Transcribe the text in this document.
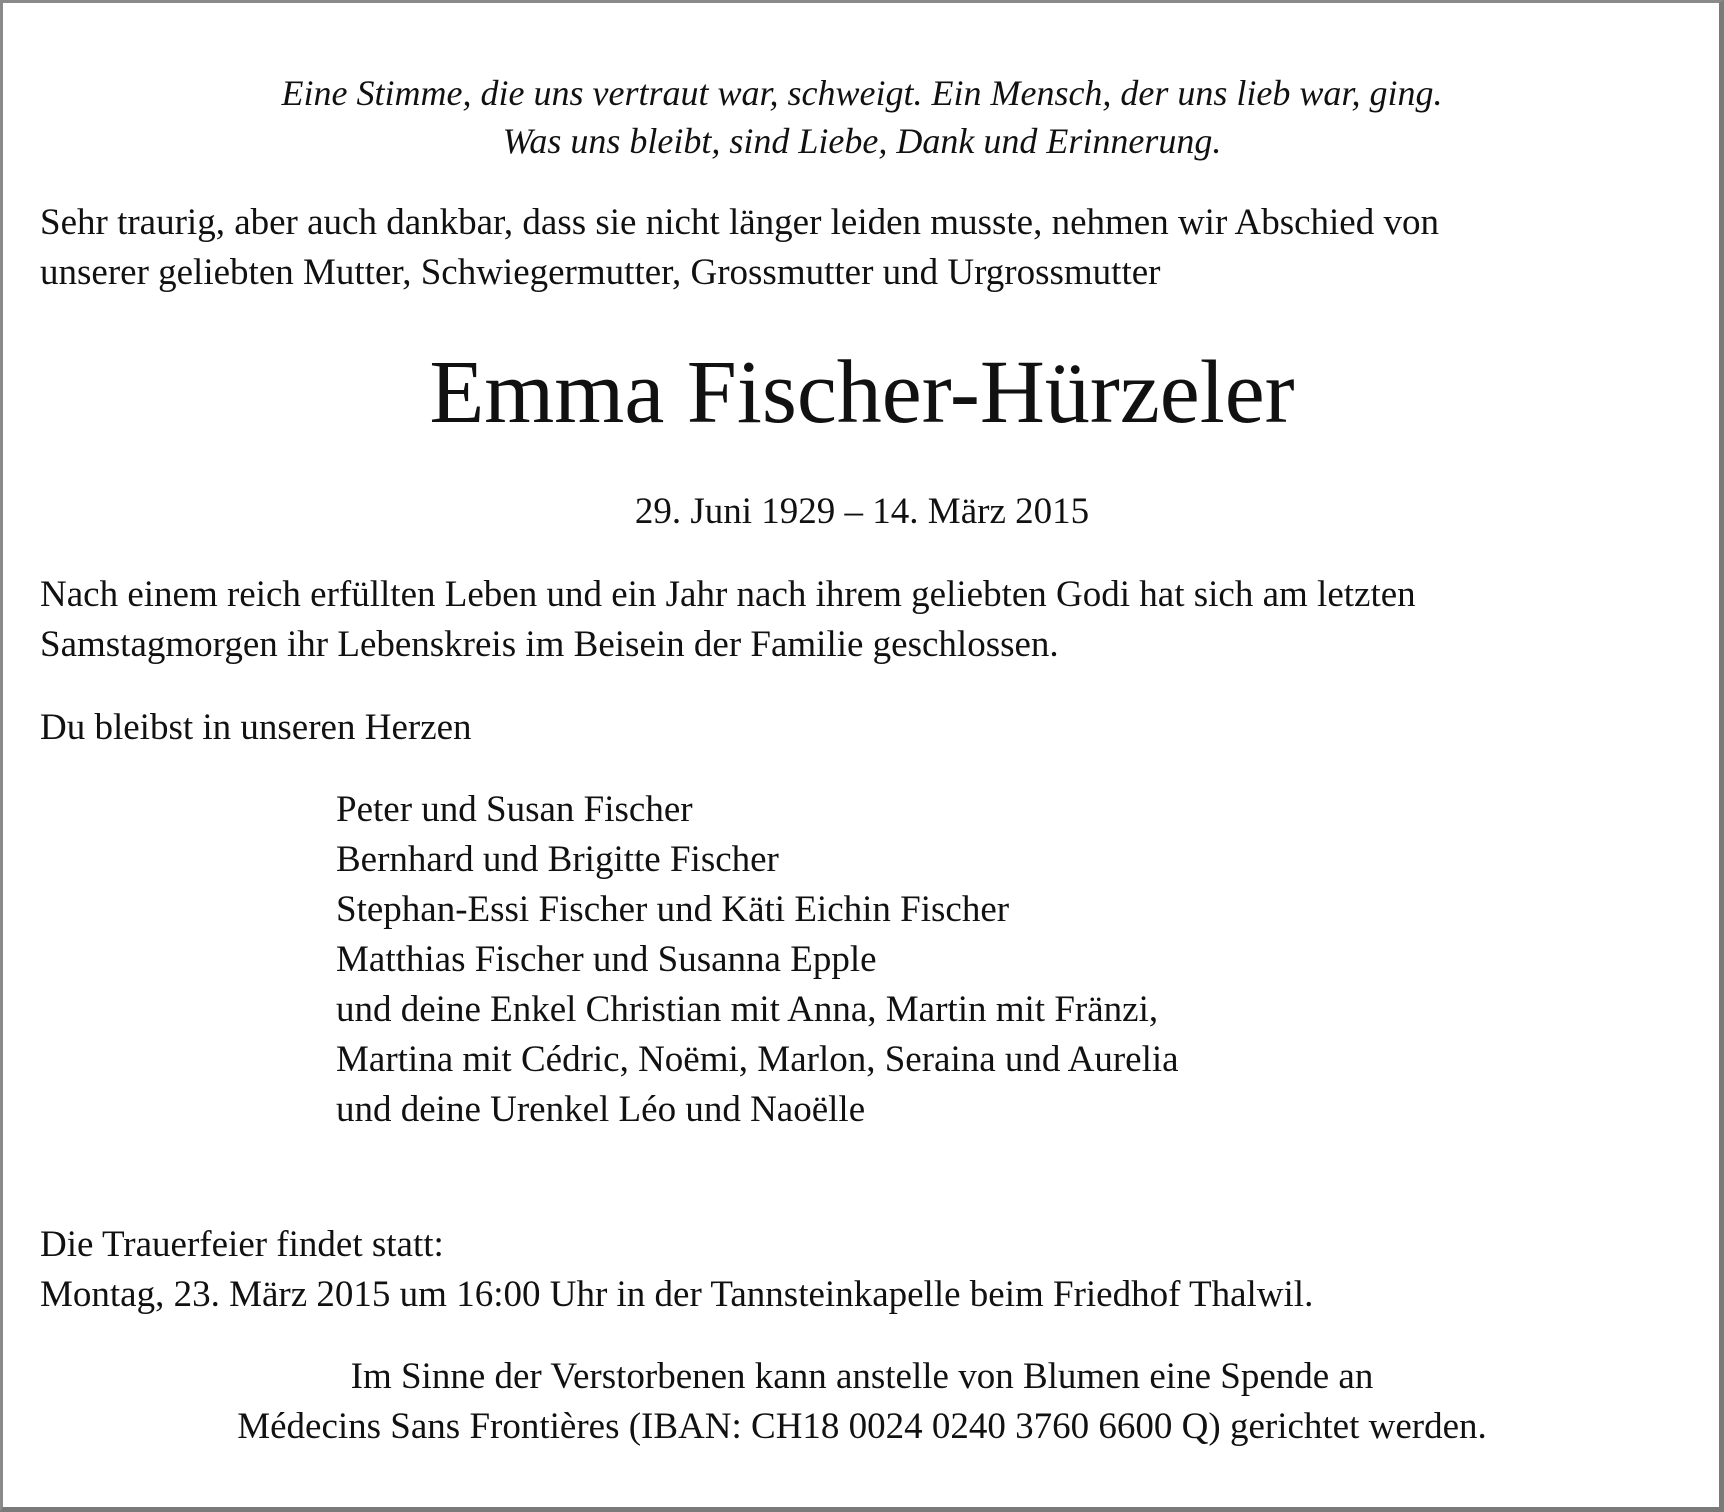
Eine Stimme, die uns vertraut war, schweigt. Ein Mensch, der uns lieb war, ging.
Was uns bleibt, sind Liebe, Dank und Erinnerung.
Sehr traurig, aber auch dankbar, dass sie nicht länger leiden musste, nehmen wir Abschied von
unserer geliebten Mutter, Schwiegermutter, Grossmutter und Urgrossmutter
Emma Fischer-Hürzeler
29. Juni 1929 – 14. März 2015
Nach einem reich erfüllten Leben und ein Jahr nach ihrem geliebten Godi hat sich am letzten
Samstagmorgen ihr Lebenskreis im Beisein der Familie geschlossen.
Du bleibst in unseren Herzen
Peter und Susan Fischer
Bernhard und Brigitte Fischer
Stephan-Essi Fischer und Käti Eichin Fischer
Matthias Fischer und Susanna Epple
und deine Enkel Christian mit Anna, Martin mit Fränzi,
Martina mit Cédric, Noëmi, Marlon, Seraina und Aurelia
und deine Urenkel Léo und Naoëlle
Die Trauerfeier findet statt:
Montag, 23. März 2015 um 16:00 Uhr in der Tannsteinkapelle beim Friedhof Thalwil.
Im Sinne der Verstorbenen kann anstelle von Blumen eine Spende an
Médecins Sans Frontières (IBAN: CH18 0024 0240 3760 6600 Q) gerichtet werden.
